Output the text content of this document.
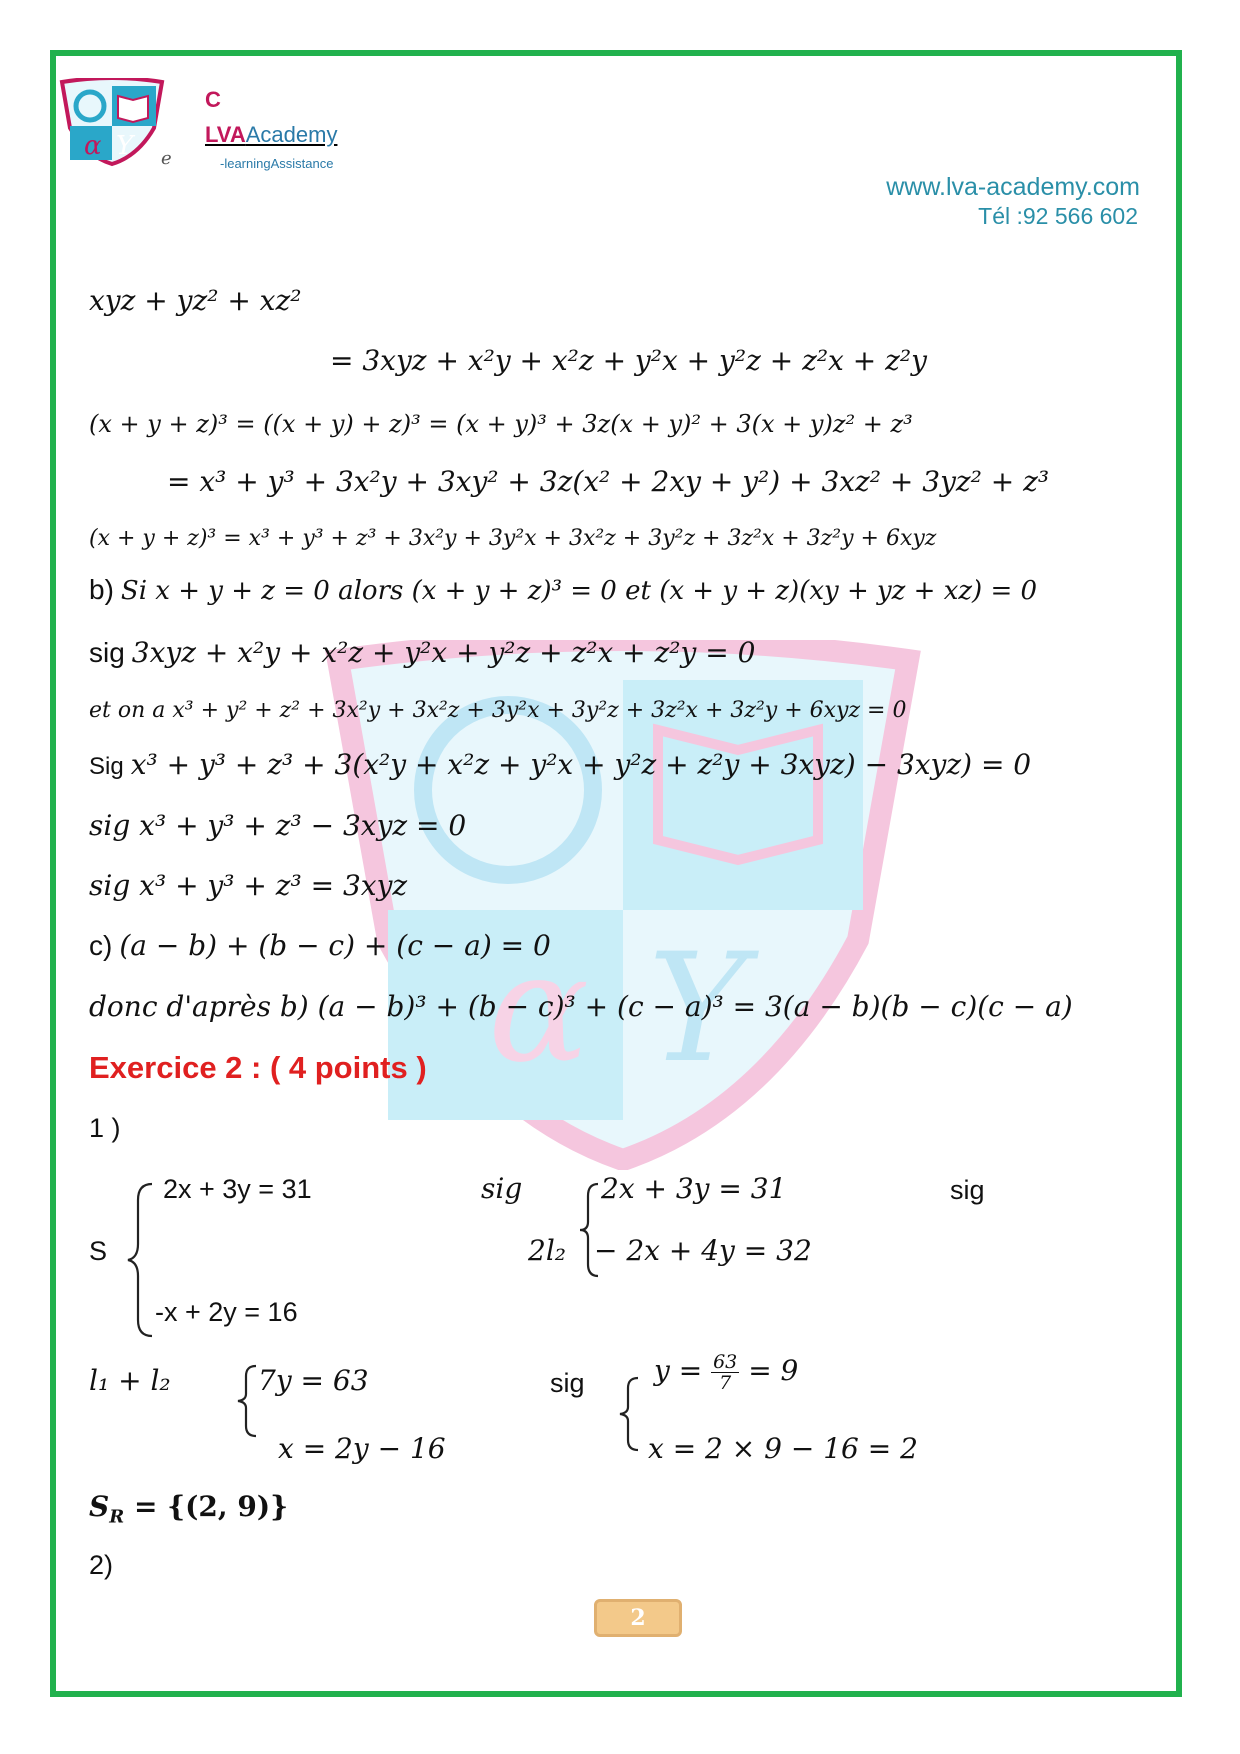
α Y
α Y
C
LVAAcademy
-learningAssistance
e
www.lva-academy.com
Tél :92 566 602
xyz + yz² + xz²
= 3xyz + x²y + x²z + y²x + y²z + z²x + z²y
(x + y + z)³ = ((x + y) + z)³ = (x + y)³ + 3z(x + y)² + 3(x + y)z² + z³
= x³ + y³ + 3x²y + 3xy² + 3z(x² + 2xy + y²) + 3xz² + 3yz² + z³
(x + y + z)³ = x³ + y³ + z³ + 3x²y + 3y²x + 3x²z + 3y²z + 3z²x + 3z²y + 6xyz
b) Si x + y + z = 0 alors (x + y + z)³ = 0 et (x + y + z)(xy + yz + xz) = 0
sig 3xyz + x²y + x²z + y²x + y²z + z²x + z²y = 0
et on a x³ + y² + z² + 3x²y + 3x²z + 3y²x + 3y²z + 3z²x + 3z²y + 6xyz = 0
Sig x³ + y³ + z³ + 3(x²y + x²z + y²x + y²z + z²y + 3xyz) − 3xyz) = 0
sig x³ + y³ + z³ − 3xyz = 0
sig x³ + y³ + z³ = 3xyz
c) (a − b) + (b − c) + (c − a) = 0
donc d'après b) (a − b)³ + (b − c)³ + (c − a)³ = 3(a − b)(b − c)(c − a)
Exercice 2 : ( 4 points )
1 )
S
2x + 3y = 31
-x + 2y = 16
sig
2l₂
2x + 3y = 31
− 2x + 4y = 32
sig
l₁ + l₂	7y = 63
x = 2y − 16
sig $y = \frac{63}{7} = 9$
x = 2 × 9 − 16 = 2
$S_R = \{(2$, 9)}
2)
2
